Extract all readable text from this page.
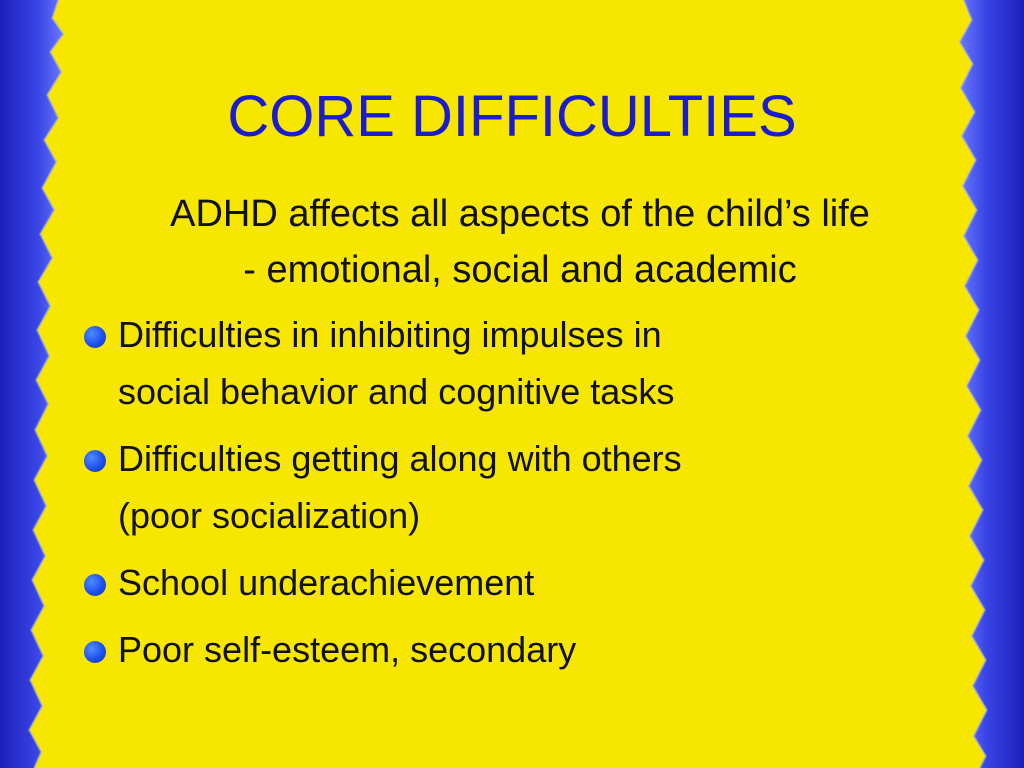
CORE DIFFICULTIES
ADHD affects all aspects of the child’s life
- emotional, social and academic
Difficulties in inhibiting impulses in
social behavior and cognitive tasks
Difficulties getting along with others
(poor socialization)
School underachievement
Poor self-esteem, secondary
